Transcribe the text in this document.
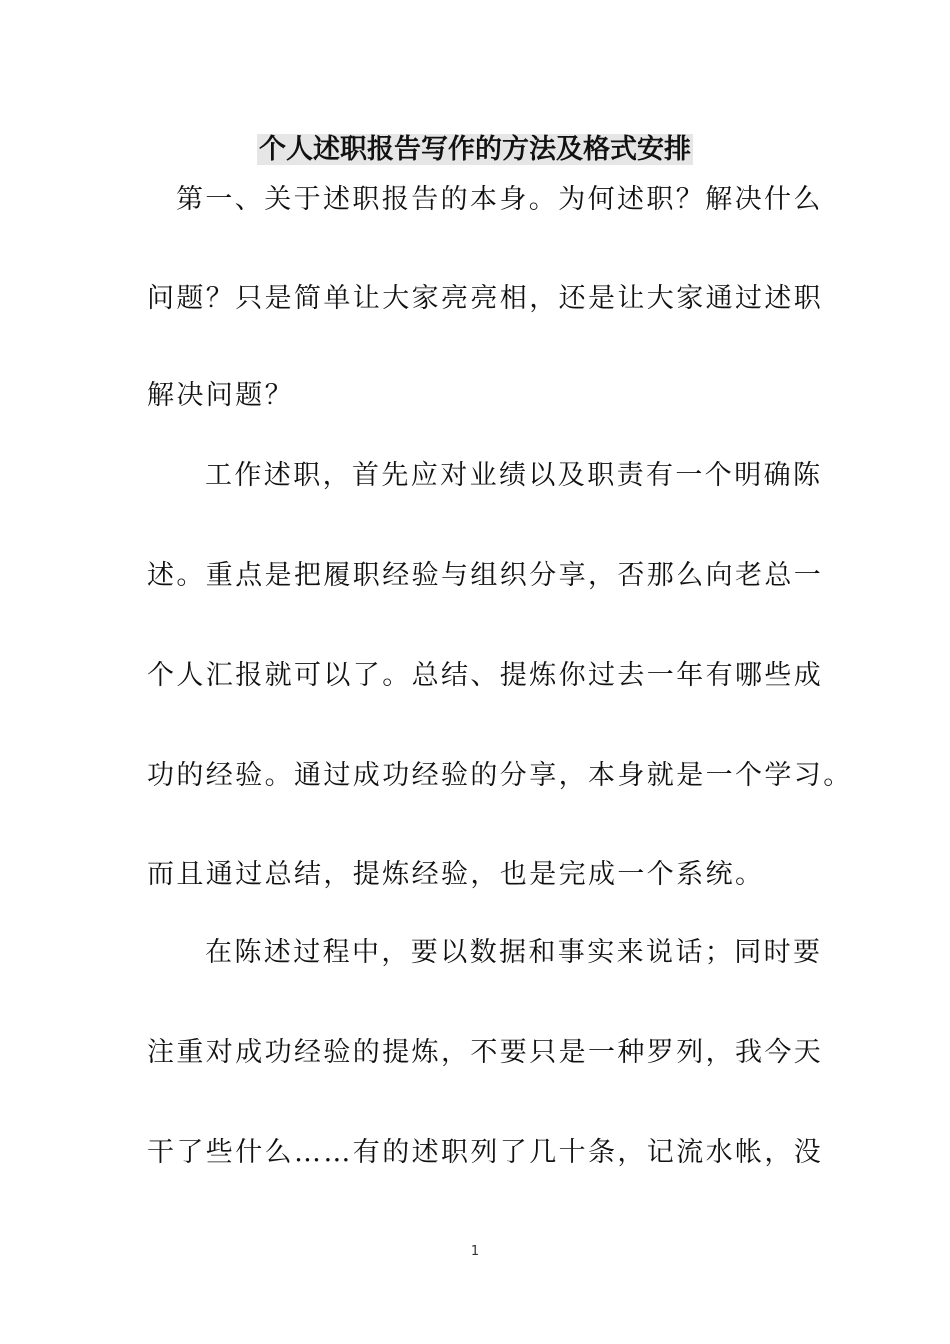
个人述职报告写作的方法及格式安排
第一、关于述职报告的本身。为何述职？解决什么
问题？只是简单让大家亮亮相，还是让大家通过述职
解决问题？
工作述职，首先应对业绩以及职责有一个明确陈
述。重点是把履职经验与组织分享，否那么向老总一
个人汇报就可以了。总结、提炼你过去一年有哪些成
功的经验。通过成功经验的分享，本身就是一个学习。
而且通过总结，提炼经验，也是完成一个系统。
在陈述过程中，要以数据和事实来说话；同时要
注重对成功经验的提炼，不要只是一种罗列，我今天
干了些什么……有的述职列了几十条，记流水帐，没
1
